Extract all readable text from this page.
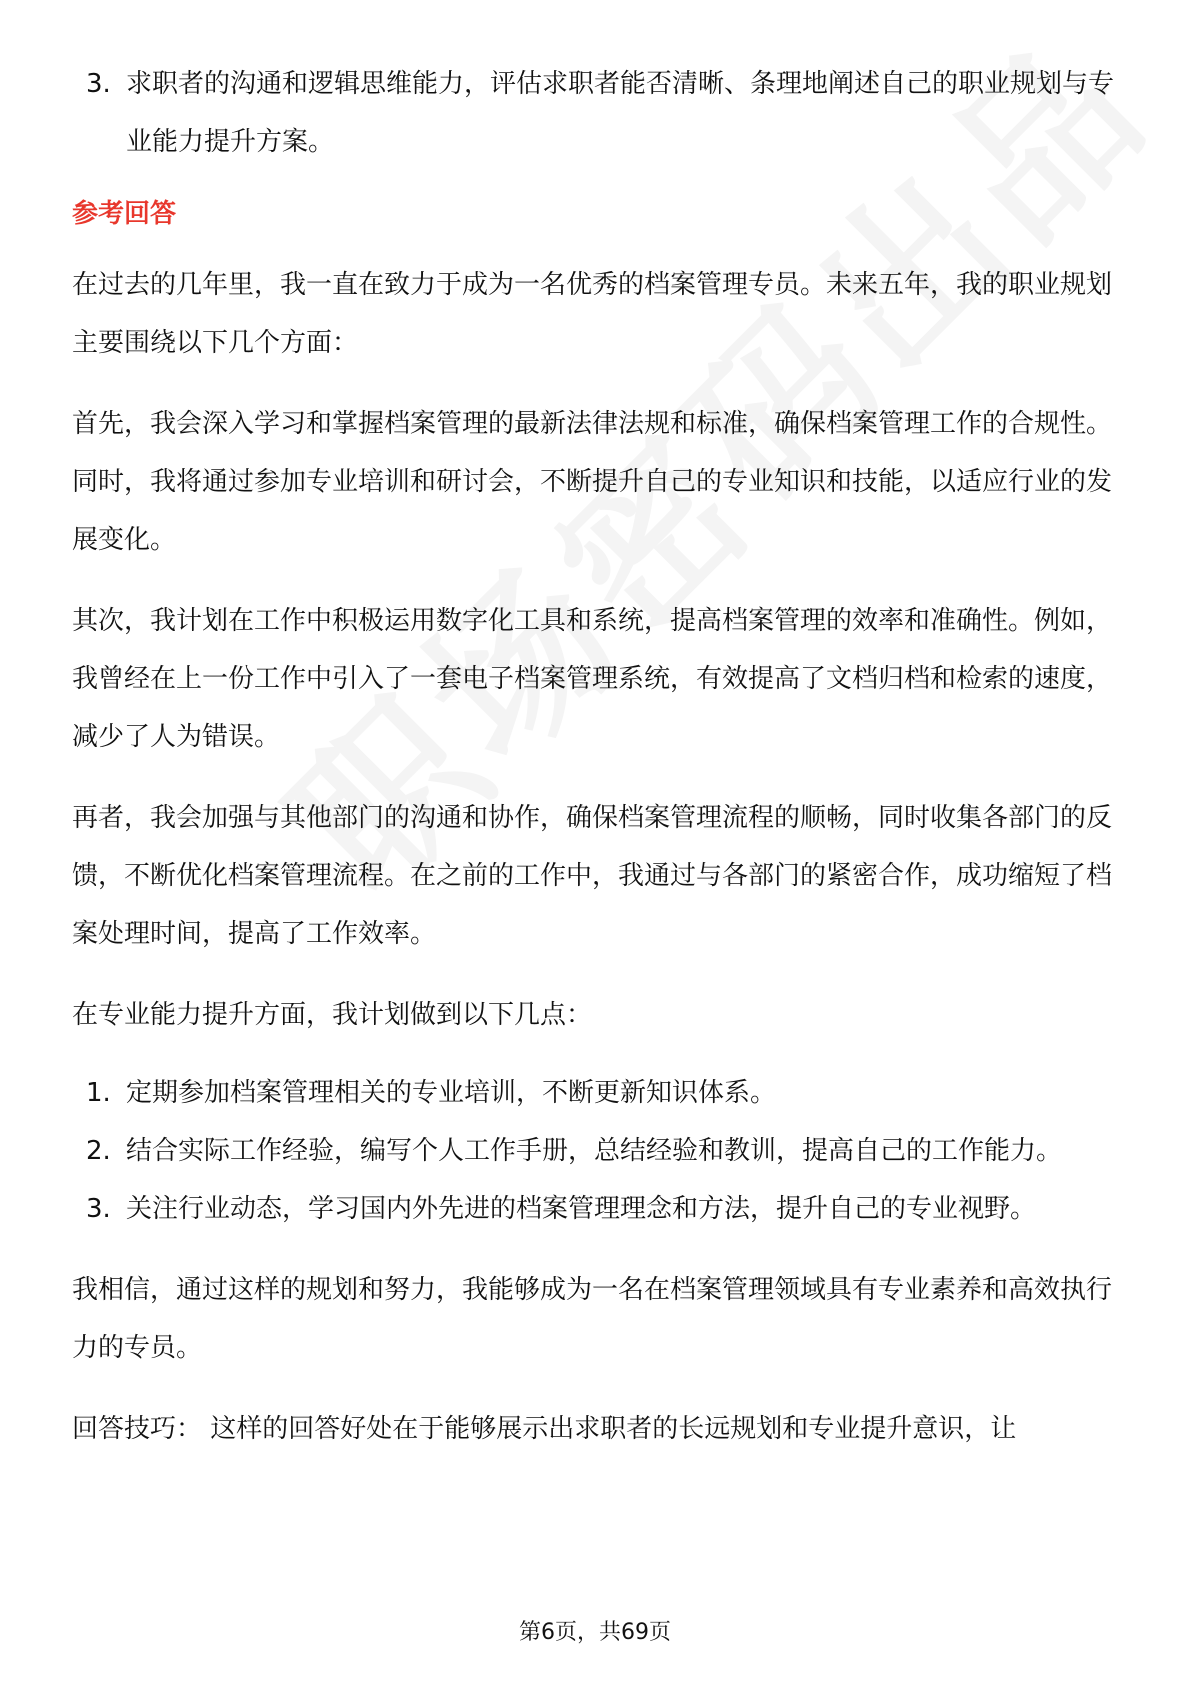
3. 求职者的沟通和逻辑思维能力，评估求职者能否清晰、条理地阐述自己的职业规划与专业能力提升方案。
参考回答
在过去的几年里，我一直在致力于成为一名优秀的档案管理专员。未来五年，我的职业规划主要围绕以下几个方面：
首先，我会深入学习和掌握档案管理的最新法律法规和标准，确保档案管理工作的合规性。同时，我将通过参加专业培训和研讨会，不断提升自己的专业知识和技能，以适应行业的发展变化。
其次，我计划在工作中积极运用数字化工具和系统，提高档案管理的效率和准确性。例如，我曾经在上一份工作中引入了一套电子档案管理系统，有效提高了文档归档和检索的速度，减少了人为错误。
再者，我会加强与其他部门的沟通和协作，确保档案管理流程的顺畅，同时收集各部门的反馈，不断优化档案管理流程。在之前的工作中，我通过与各部门的紧密合作，成功缩短了档案处理时间，提高了工作效率。
在专业能力提升方面，我计划做到以下几点：
1. 定期参加档案管理相关的专业培训，不断更新知识体系。
2. 结合实际工作经验，编写个人工作手册，总结经验和教训，提高自己的工作能力。
3. 关注行业动态，学习国内外先进的档案管理理念和方法，提升自己的专业视野。
我相信，通过这样的规划和努力，我能够成为一名在档案管理领域具有专业素养和高效执行力的专员。
回答技巧： 这样的回答好处在于能够展示出求职者的长远规划和专业提升意识，让
第6页，共69页
